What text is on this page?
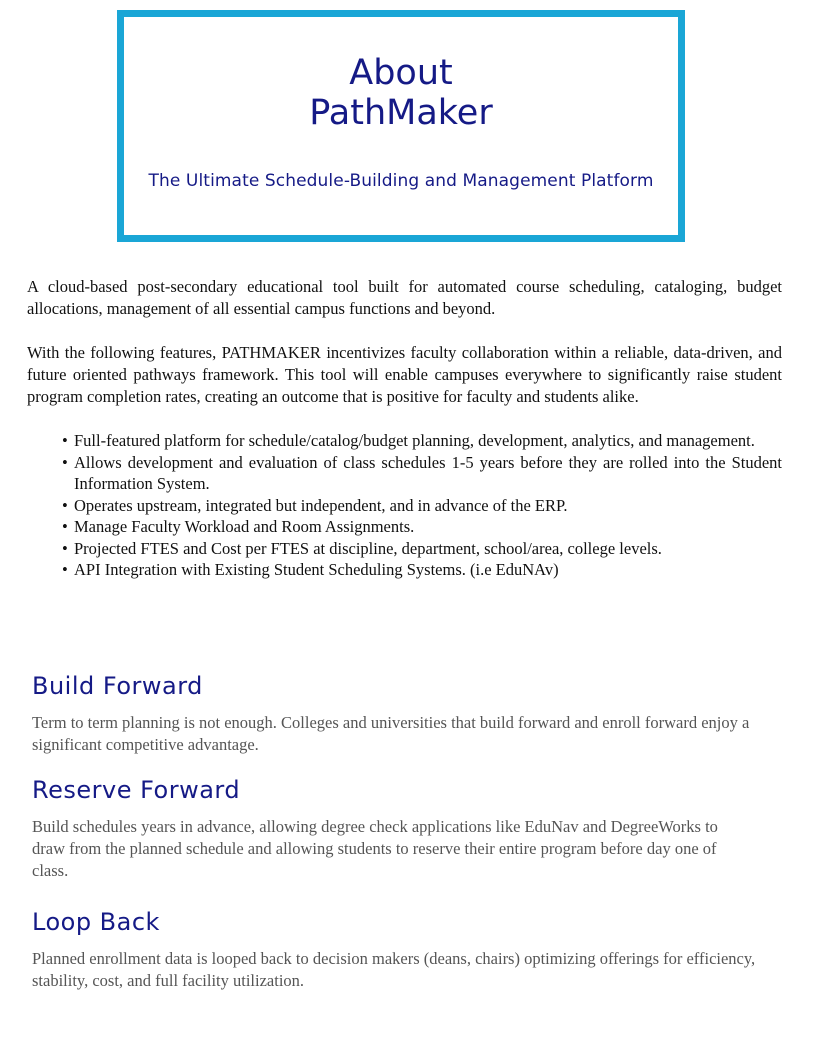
About
PathMaker
The Ultimate Schedule-Building and Management Platform

A cloud-based post-secondary educational tool built for automated course scheduling, cataloging, budget allocations, management of all essential campus functions and beyond.

With the following features, PATHMAKER incentivizes faculty collaboration within a reliable, data-driven, and future oriented pathways framework. This tool will enable campuses everywhere to significantly raise student program completion rates, creating an outcome that is positive for faculty and students alike.

• Full-featured platform for schedule/catalog/budget planning, development, analytics, and management.
• Allows development and evaluation of class schedules 1-5 years before they are rolled into the Student Information System.
• Operates upstream, integrated but independent, and in advance of the ERP.
• Manage Faculty Workload and Room Assignments.
• Projected FTES and Cost per FTES at discipline, department, school/area, college levels.
• API Integration with Existing Student Scheduling Systems. (i.e EduNAv)
Build Forward

Term to term planning is not enough. Colleges and universities that build forward and enroll forward enjoy a significant competitive advantage.

Reserve Forward

Build schedules years in advance, allowing degree check applications like EduNav and DegreeWorks to draw from the planned schedule and allowing students to reserve their entire program before day one of class.

Loop Back

Planned enrollment data is looped back to decision makers (deans, chairs) optimizing offerings for efficiency, stability, cost, and full facility utilization.
